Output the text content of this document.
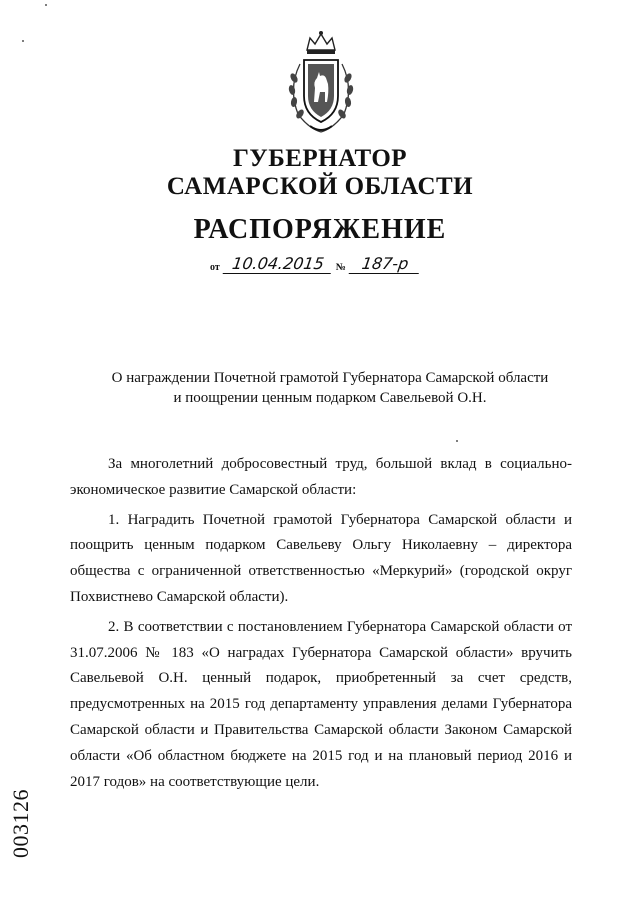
ГУБЕРНАТОР
САМАРСКОЙ ОБЛАСТИ
РАСПОРЯЖЕНИЕ
от 10.04.2015	№ 187-р
О награждении Почетной грамотой Губернатора Самарской области
и поощрении ценным подарком Савельевой О.Н.

За многолетний добросовестный труд, большой вклад в социально-экономическое развитие Самарской области:

1. Наградить Почетной грамотой Губернатора Самарской области и поощрить ценным подарком Савельеву Ольгу Николаевну – директора общества с ограниченной ответственностью «Меркурий» (городской округ Похвистнево Самарской области).

2. В соответствии с постановлением Губернатора Самарской области от 31.07.2006 № 183 «О наградах Губернатора Самарской области» вручить Савельевой О.Н. ценный подарок, приобретенный за счет средств, предусмотренных на 2015 год департаменту управления делами Губернатора Самарской области и Правительства Самарской области Законом Самарской области «Об областном бюджете на 2015 год и на плановый период 2016 и 2017 годов» на соответствующие цели.

003126
